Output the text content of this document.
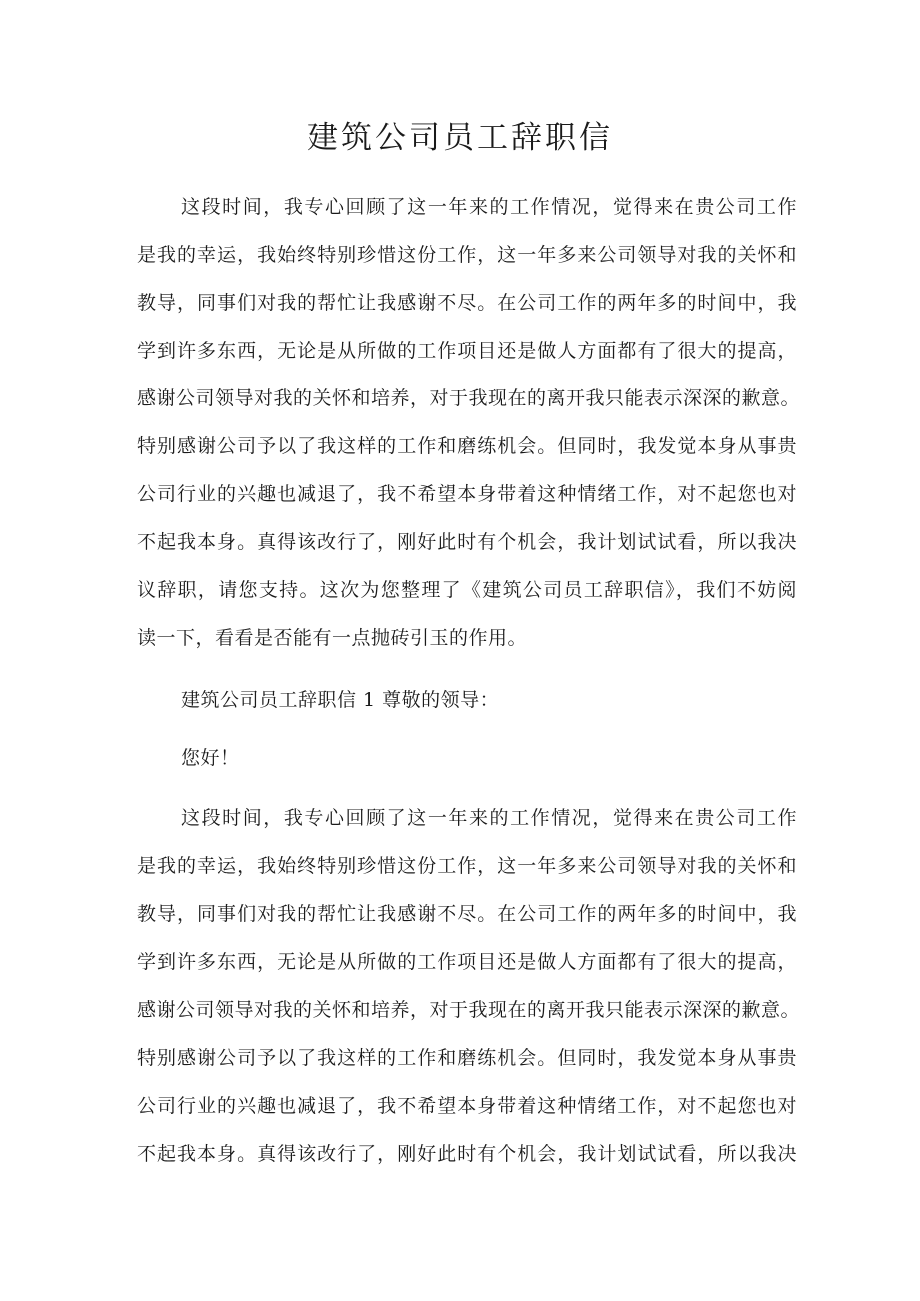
建筑公司员工辞职信
这段时间，我专心回顾了这一年来的工作情况，觉得来在贵公司工作
是我的幸运，我始终特别珍惜这份工作，这一年多来公司领导对我的关怀和
教导，同事们对我的帮忙让我感谢不尽。在公司工作的两年多的时间中，我
学到许多东西，无论是从所做的工作项目还是做人方面都有了很大的提高，
感谢公司领导对我的关怀和培养，对于我现在的离开我只能表示深深的歉意。
特别感谢公司予以了我这样的工作和磨练机会。但同时，我发觉本身从事贵
公司行业的兴趣也减退了，我不希望本身带着这种情绪工作，对不起您也对
不起我本身。真得该改行了，刚好此时有个机会，我计划试试看，所以我决
议辞职，请您支持。这次为您整理了《建筑公司员工辞职信》，我们不妨阅
读一下，看看是否能有一点抛砖引玉的作用。
建筑公司员工辞职信 1 尊敬的领导：
您好！
这段时间，我专心回顾了这一年来的工作情况，觉得来在贵公司工作
是我的幸运，我始终特别珍惜这份工作，这一年多来公司领导对我的关怀和
教导，同事们对我的帮忙让我感谢不尽。在公司工作的两年多的时间中，我
学到许多东西，无论是从所做的工作项目还是做人方面都有了很大的提高，
感谢公司领导对我的关怀和培养，对于我现在的离开我只能表示深深的歉意。
特别感谢公司予以了我这样的工作和磨练机会。但同时，我发觉本身从事贵
公司行业的兴趣也减退了，我不希望本身带着这种情绪工作，对不起您也对
不起我本身。真得该改行了，刚好此时有个机会，我计划试试看，所以我决
